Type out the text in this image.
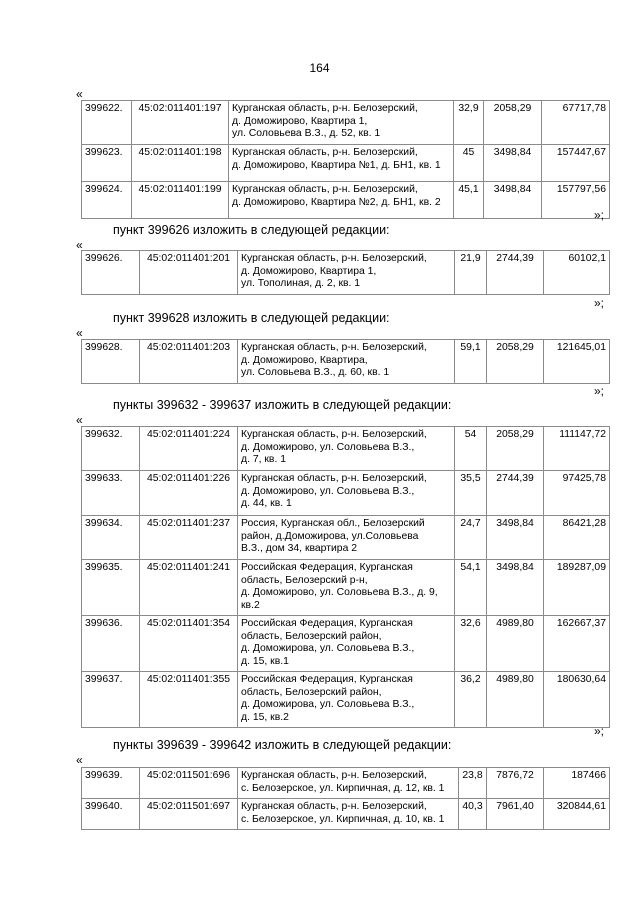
164
«
399622.	45:02:011401:197	Курганская область, р-н. Белозерский,
д. Доможирово, Квартира 1,
ул. Соловьева В.З., д. 52, кв. 1	32,9	2058,29	67717,78
399623.	45:02:011401:198	Курганская область, р-н. Белозерский,
д. Доможирово, Квартира №1, д. БН1, кв. 1	45	3498,84	157447,67
399624.	45:02:011401:199	Курганская область, р-н. Белозерский,
д. Доможирово, Квартира №2, д. БН1, кв. 2	45,1	3498,84	157797,56
»;
пункт 399626 изложить в следующей редакции:
«
399626.	45:02:011401:201	Курганская область, р-н. Белозерский,
д. Доможирово, Квартира 1,
ул. Тополиная, д. 2, кв. 1	21,9	2744,39	60102,1
»;
пункт 399628 изложить в следующей редакции:
«
399628.	45:02:011401:203	Курганская область, р-н. Белозерский,
д. Доможирово, Квартира,
ул. Соловьева В.З., д. 60, кв. 1	59,1	2058,29	121645,01
»;
пункты 399632 - 399637 изложить в следующей редакции:
«
399632.	45:02:011401:224	Курганская область, р-н. Белозерский,
д. Доможирово, ул. Соловьева В.З.,
д. 7, кв. 1	54	2058,29	111147,72
399633.	45:02:011401:226	Курганская область, р-н. Белозерский,
д. Доможирово, ул. Соловьева В.З.,
д. 44, кв. 1	35,5	2744,39	97425,78
399634.	45:02:011401:237	Россия, Курганская обл., Белозерский
район, д.Доможирова, ул.Соловьева
В.З., дом 34, квартира 2	24,7	3498,84	86421,28
399635.	45:02:011401:241	Российская Федерация, Курганская
область, Белозерский р-н,
д. Доможирово, ул. Соловьева В.З., д. 9,
кв.2	54,1	3498,84	189287,09
399636.	45:02:011401:354	Российская Федерация, Курганская
область, Белозерский район,
д. Доможирова, ул. Соловьева В.З.,
д. 15, кв.1	32,6	4989,80	162667,37
399637.	45:02:011401:355	Российская Федерация, Курганская
область, Белозерский район,
д. Доможирова, ул. Соловьева В.З.,
д. 15, кв.2	36,2	4989,80	180630,64
»;
пункты 399639 - 399642 изложить в следующей редакции:
«
399639.	45:02:011501:696	Курганская область, р-н. Белозерский,
с. Белозерское, ул. Кирпичная, д. 12, кв. 1	23,8	7876,72	187466
399640.	45:02:011501:697	Курганская область, р-н. Белозерский,
с. Белозерское, ул. Кирпичная, д. 10, кв. 1	40,3	7961,40	320844,61
